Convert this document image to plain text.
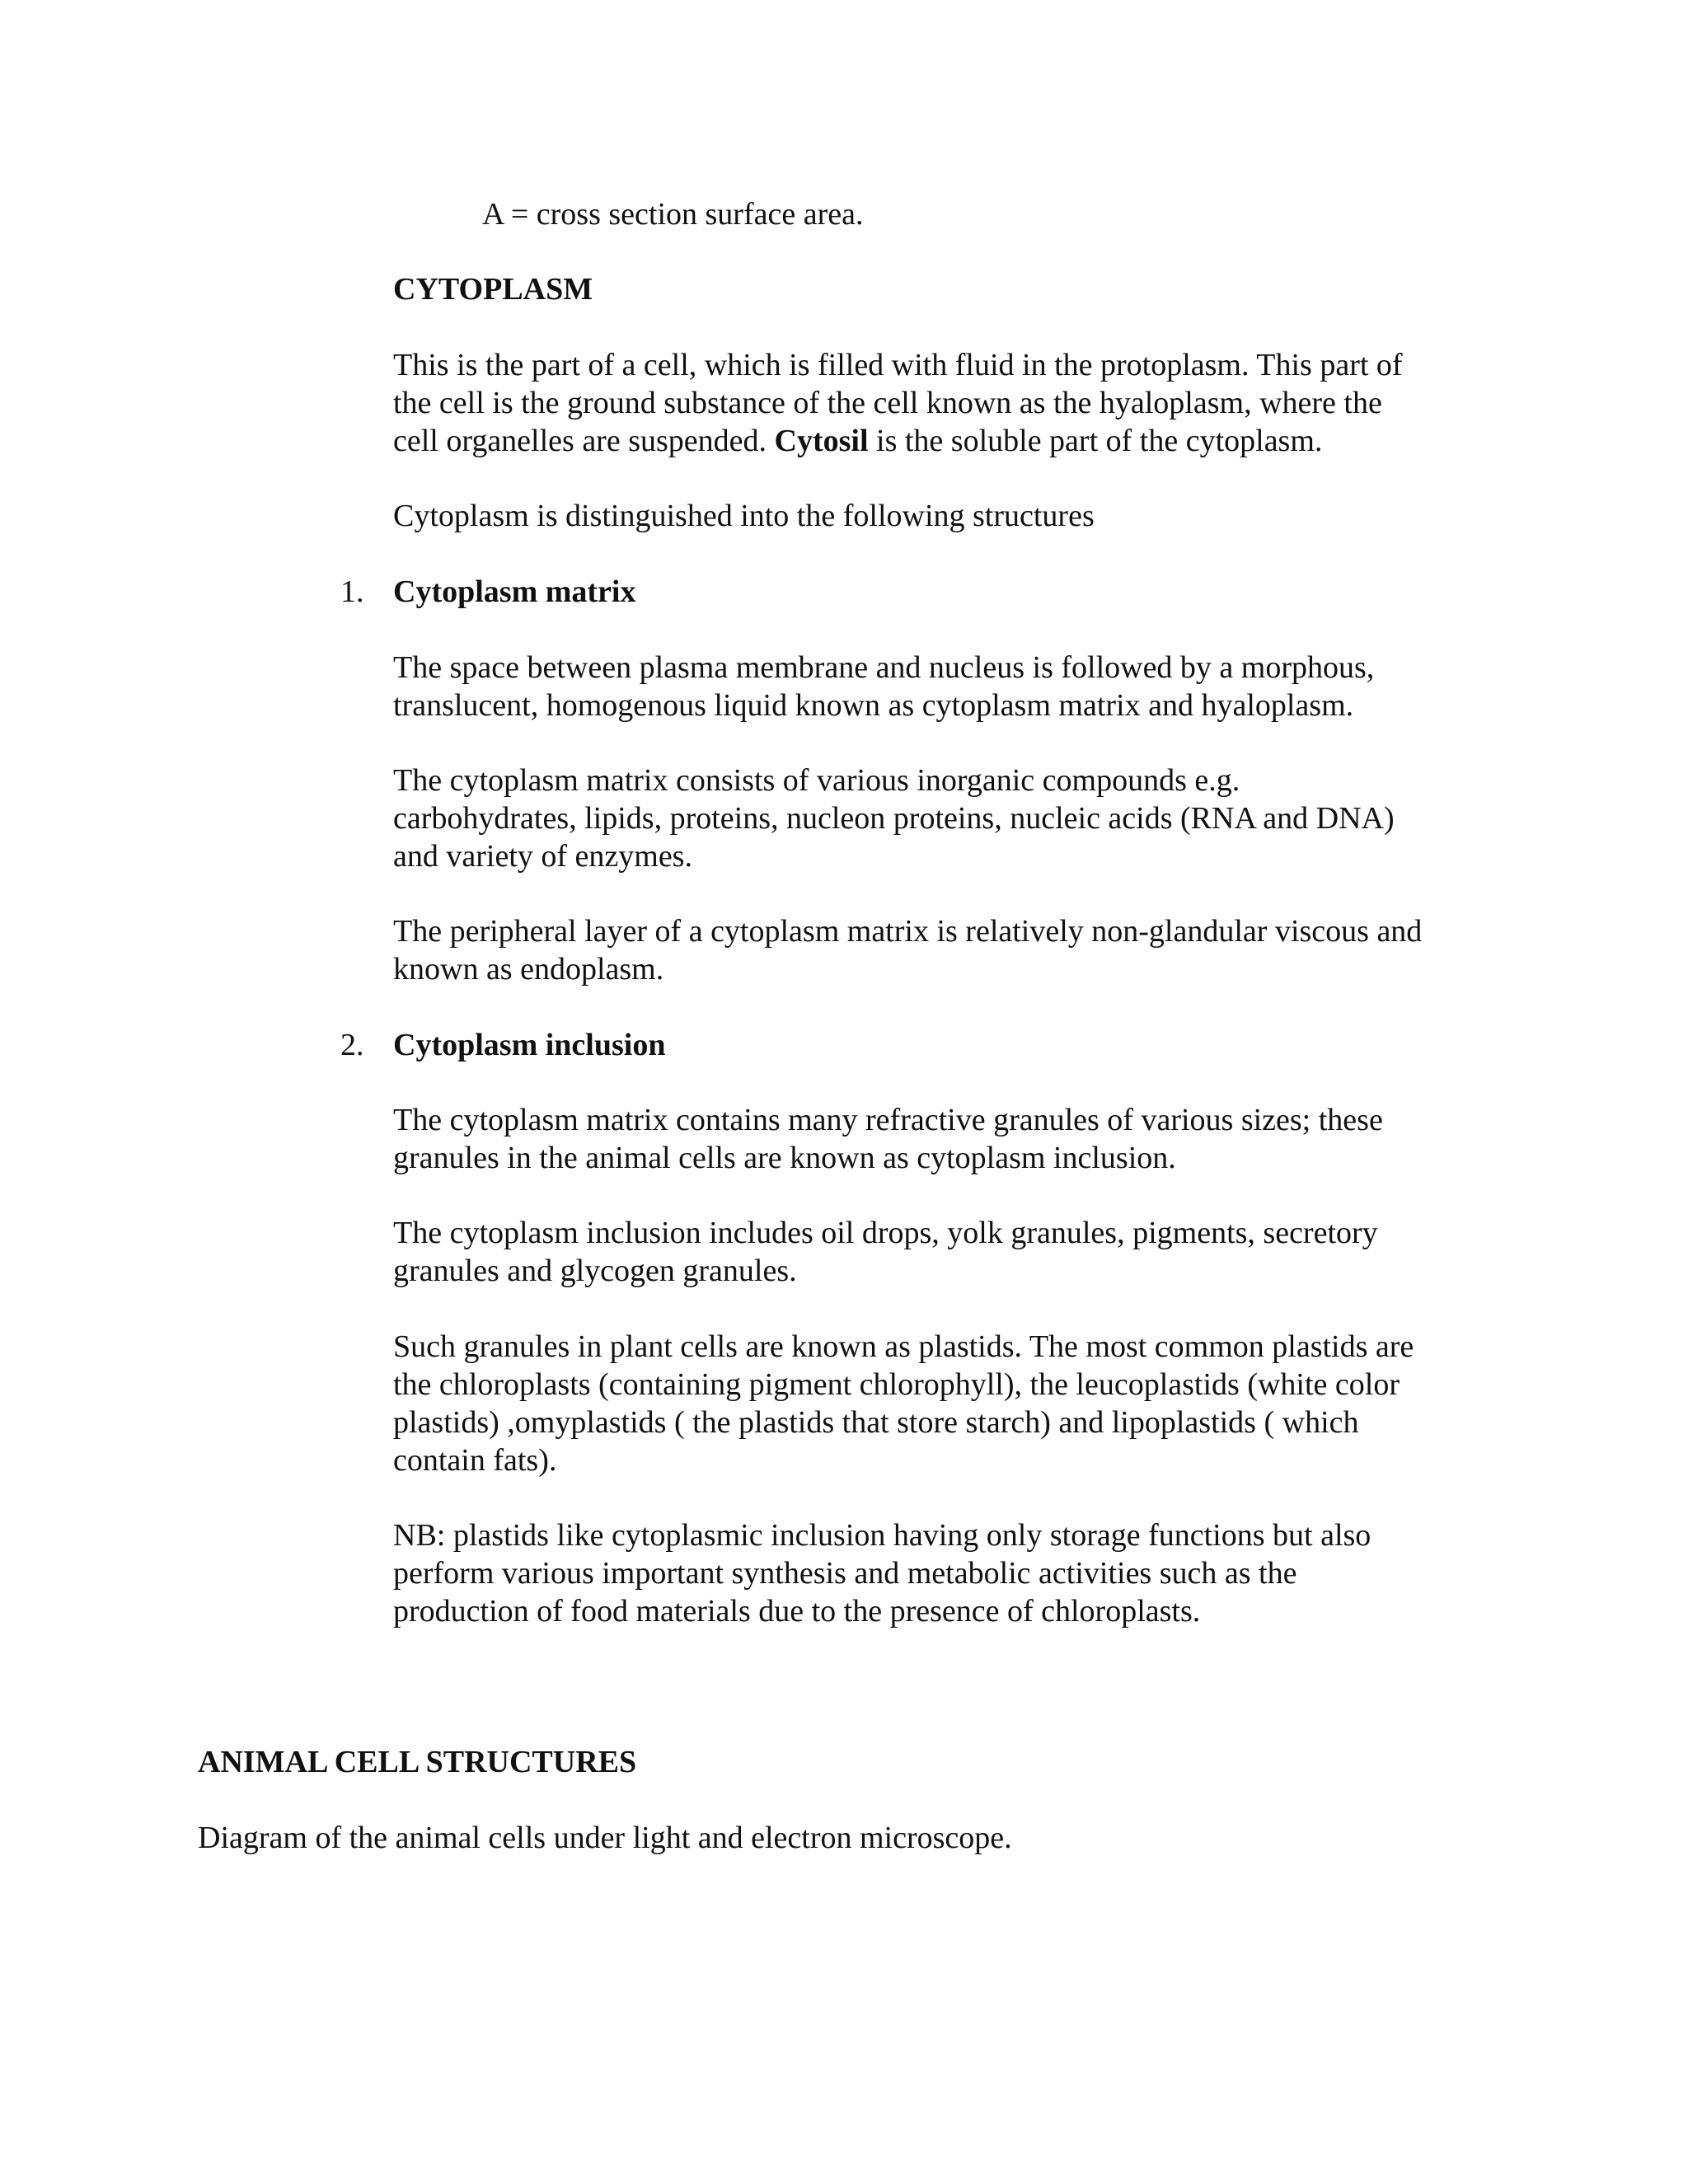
A = cross section surface area.

CYTOPLASM

This is the part of a cell, which is filled with fluid in the protoplasm. This part of
the cell is the ground substance of the cell known as the hyaloplasm, where the
cell organelles are suspended. Cytosil is the soluble part of the cytoplasm.

Cytoplasm is distinguished into the following structures

1. Cytoplasm matrix

The space between plasma membrane and nucleus is followed by a morphous,
translucent, homogenous liquid known as cytoplasm matrix and hyaloplasm.
The cytoplasm matrix consists of various inorganic compounds e.g.
carbohydrates, lipids, proteins, nucleon proteins, nucleic acids (RNA and DNA)
and variety of enzymes.
The peripheral layer of a cytoplasm matrix is relatively non-glandular viscous and
known as endoplasm.
2. Cytoplasm inclusion

The cytoplasm matrix contains many refractive granules of various sizes; these
granules in the animal cells are known as cytoplasm inclusion.
The cytoplasm inclusion includes oil drops, yolk granules, pigments, secretory
granules and glycogen granules.
Such granules in plant cells are known as plastids. The most common plastids are
the chloroplasts (containing pigment chlorophyll), the leucoplastids (white color
plastids) ,omyplastids ( the plastids that store starch) and lipoplastids ( which
contain fats).
NB: plastids like cytoplasmic inclusion having only storage functions but also
perform various important synthesis and metabolic activities such as the
production of food materials due to the presence of chloroplasts.

ANIMAL CELL STRUCTURES

Diagram of the animal cells under light and electron microscope.
